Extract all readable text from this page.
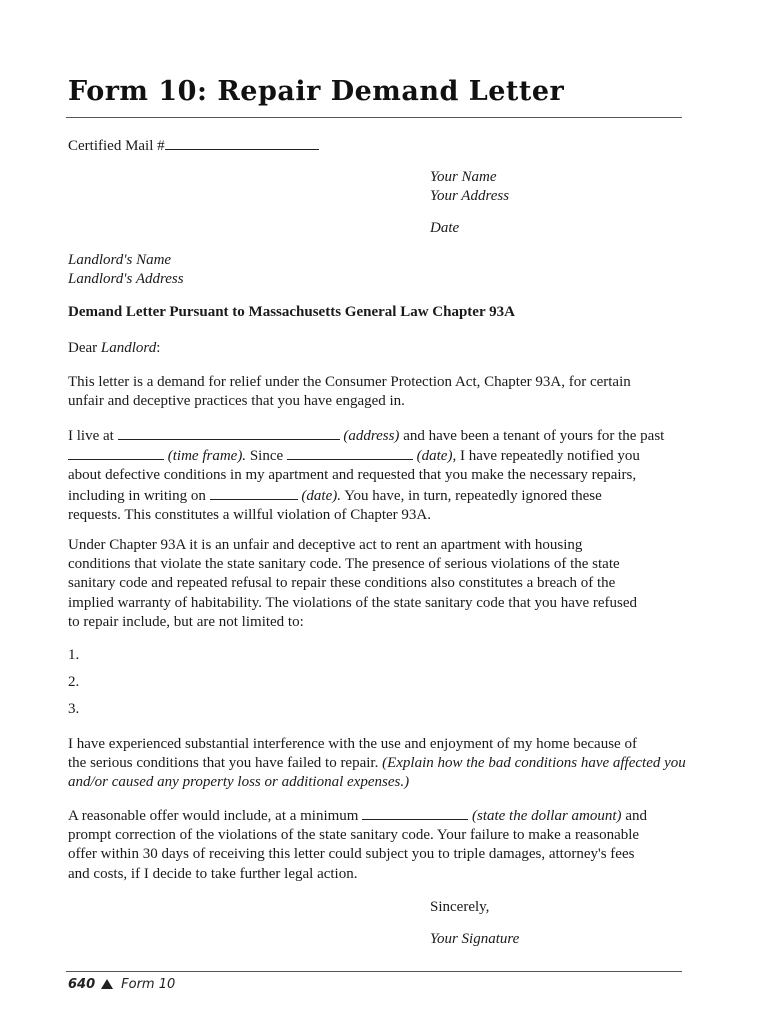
Form 10: Repair Demand Letter
Certified Mail #
Your Name
Your Address
Date
Landlord's Name
Landlord's Address
Demand Letter Pursuant to Massachusetts General Law Chapter 93A
Dear Landlord:
This letter is a demand for relief under the Consumer Protection Act, Chapter 93A, for certain
unfair and deceptive practices that you have engaged in.
I live at	(address) and have been a tenant of yours for the past
(time frame). Since	(date), I have repeatedly notified you
about defective conditions in my apartment and requested that you make the necessary repairs,
including in writing on	(date). You have, in turn, repeatedly ignored these
requests. This constitutes a willful violation of Chapter 93A.
Under Chapter 93A it is an unfair and deceptive act to rent an apartment with housing
conditions that violate the state sanitary code. The presence of serious violations of the state
sanitary code and repeated refusal to repair these conditions also constitutes a breach of the
implied warranty of habitability. The violations of the state sanitary code that you have refused
to repair include, but are not limited to:
1.
2.
3.
I have experienced substantial interference with the use and enjoyment of my home because of
the serious conditions that you have failed to repair. (Explain how the bad conditions have affected you
and/or caused any property loss or additional expenses.)
A reasonable offer would include, at a minimum	(state the dollar amount) and
prompt correction of the violations of the state sanitary code. Your failure to make a reasonable
offer within 30 days of receiving this letter could subject you to triple damages, attorney's fees
and costs, if I decide to take further legal action.
Sincerely,
Your Signature
640 Form 10
